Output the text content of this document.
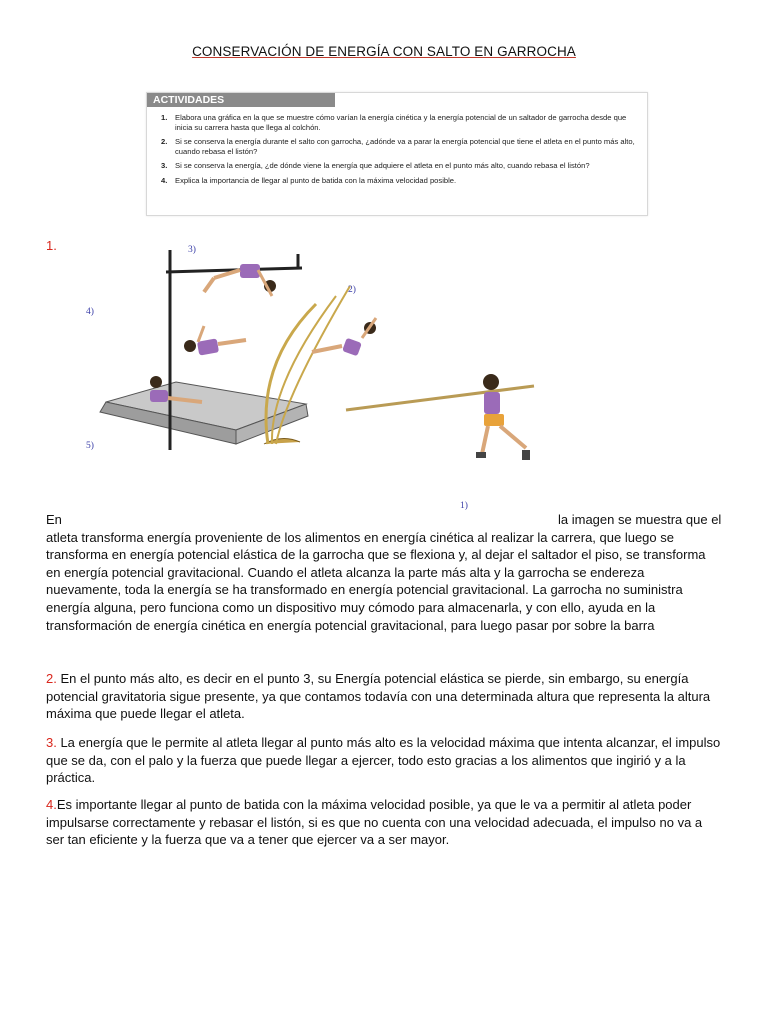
CONSERVACIÓN DE ENERGÍA CON SALTO EN GARROCHA
ACTIVIDADES
1.	Elabora una gráfica en la que se muestre cómo varían la energía cinética y la energía potencial de un saltador de garrocha desde que inicia su carrera hasta que llega al colchón.
2.	Si se conserva la energía durante el salto con garrocha, ¿adónde va a parar la energía potencial que tiene el atleta en el punto más alto, cuando rebasa el listón?
3.	Si se conserva la energía, ¿de dónde viene la energía que adquiere el atleta en el punto más alto, cuando rebasa el listón?
4.	Explica la importancia de llegar al punto de batida con la máxima velocidad posible.
1.	3)
2)
4)
5)
1)
En	la imagen se muestra que el
atleta transforma energía proveniente de los alimentos en energía cinética al realizar la carrera, que luego se transforma en energía potencial elástica de la garrocha que se flexiona y, al dejar el saltador el piso, se transforma en energía potencial gravitacional. Cuando el atleta alcanza la parte más alta y la garrocha se endereza nuevamente, toda la energía se ha transformado en energía potencial gravitacional. La garrocha no suministra energía alguna, pero funciona como un dispositivo muy cómodo para almacenarla, y con ello, ayuda en la transformación de energía cinética en energía potencial gravitacional, para luego pasar por sobre la barra
2. En el punto más alto, es decir en el punto 3, su Energía potencial elástica se pierde, sin embargo, su energía potencial gravitatoria sigue presente, ya que contamos todavía con una determinada altura que representa la altura máxima que puede llegar el atleta.
3. La energía que le permite al atleta llegar al punto más alto es la velocidad máxima que intenta alcanzar, el impulso que se da, con el palo y la fuerza que puede llegar a ejercer, todo esto gracias a los alimentos que ingirió y a la práctica.
4.Es importante llegar al punto de batida con la máxima velocidad posible, ya que le va a permitir al atleta poder impulsarse correctamente y rebasar el listón, si es que no cuenta con una velocidad adecuada, el impulso no va a ser tan eficiente y la fuerza que va a tener que ejercer va a ser mayor.
